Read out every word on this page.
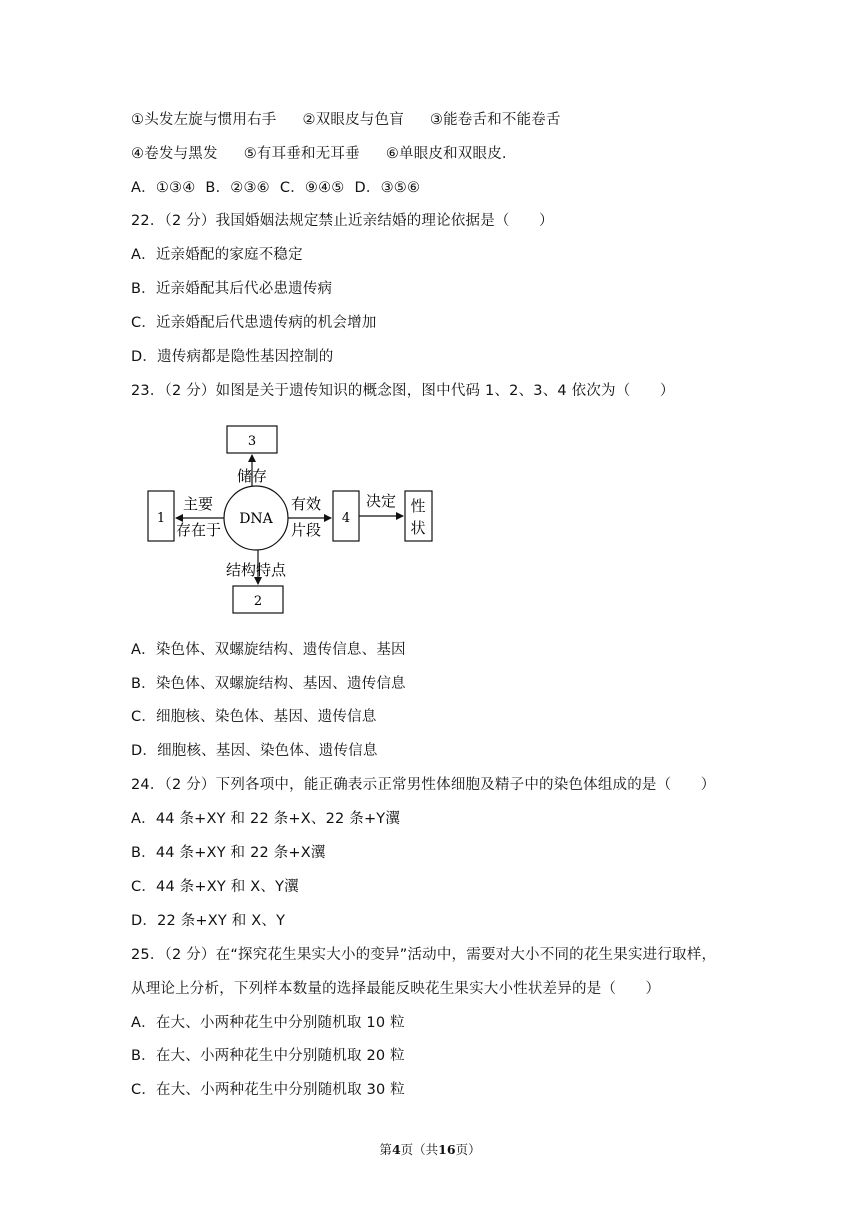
①头发左旋与惯用右手 ②双眼皮与色盲 ③能卷舌和不能卷舌
④卷发与黑发 ⑤有耳垂和无耳垂 ⑥单眼皮和双眼皮.
A．①③④ B．②③⑥ C．⑨④⑤ D．③⑤⑥
22．（2 分）我国婚姻法规定禁止近亲结婚的理论依据是（　　）
A．近亲婚配的家庭不稳定
B．近亲婚配其后代必患遗传病
C．近亲婚配后代患遗传病的机会增加
D．遗传病都是隐性基因控制的
23．（2 分）如图是关于遗传知识的概念图，图中代码 1、2、3、4 依次为（　　）
DNA
3
1	4
2
性
状
储存
主要
存在于
有效
片段
决定
结构特点
A．染色体、双螺旋结构、遗传信息、基因
B．染色体、双螺旋结构、基因、遗传信息
C．细胞核、染色体、基因、遗传信息
D．细胞核、基因、染色体、遗传信息
24．（2 分）下列各项中，能正确表示正常男性体细胞及精子中的染色体组成的是（　　）
A．44 条+XY 和 22 条+X、22 条+Y瀷
B．44 条+XY 和 22 条+X瀷
C．44 条+XY 和 X、Y瀷
D．22 条+XY 和 X、Y
25．（2 分）在“探究花生果实大小的变异”活动中，需要对大小不同的花生果实进行取样，
从理论上分析，下列样本数量的选择最能反映花生果实大小性状差异的是（　　）
A．在大、小两种花生中分别随机取 10 粒
B．在大、小两种花生中分别随机取 20 粒
C．在大、小两种花生中分别随机取 30 粒
第4页（共16页）
